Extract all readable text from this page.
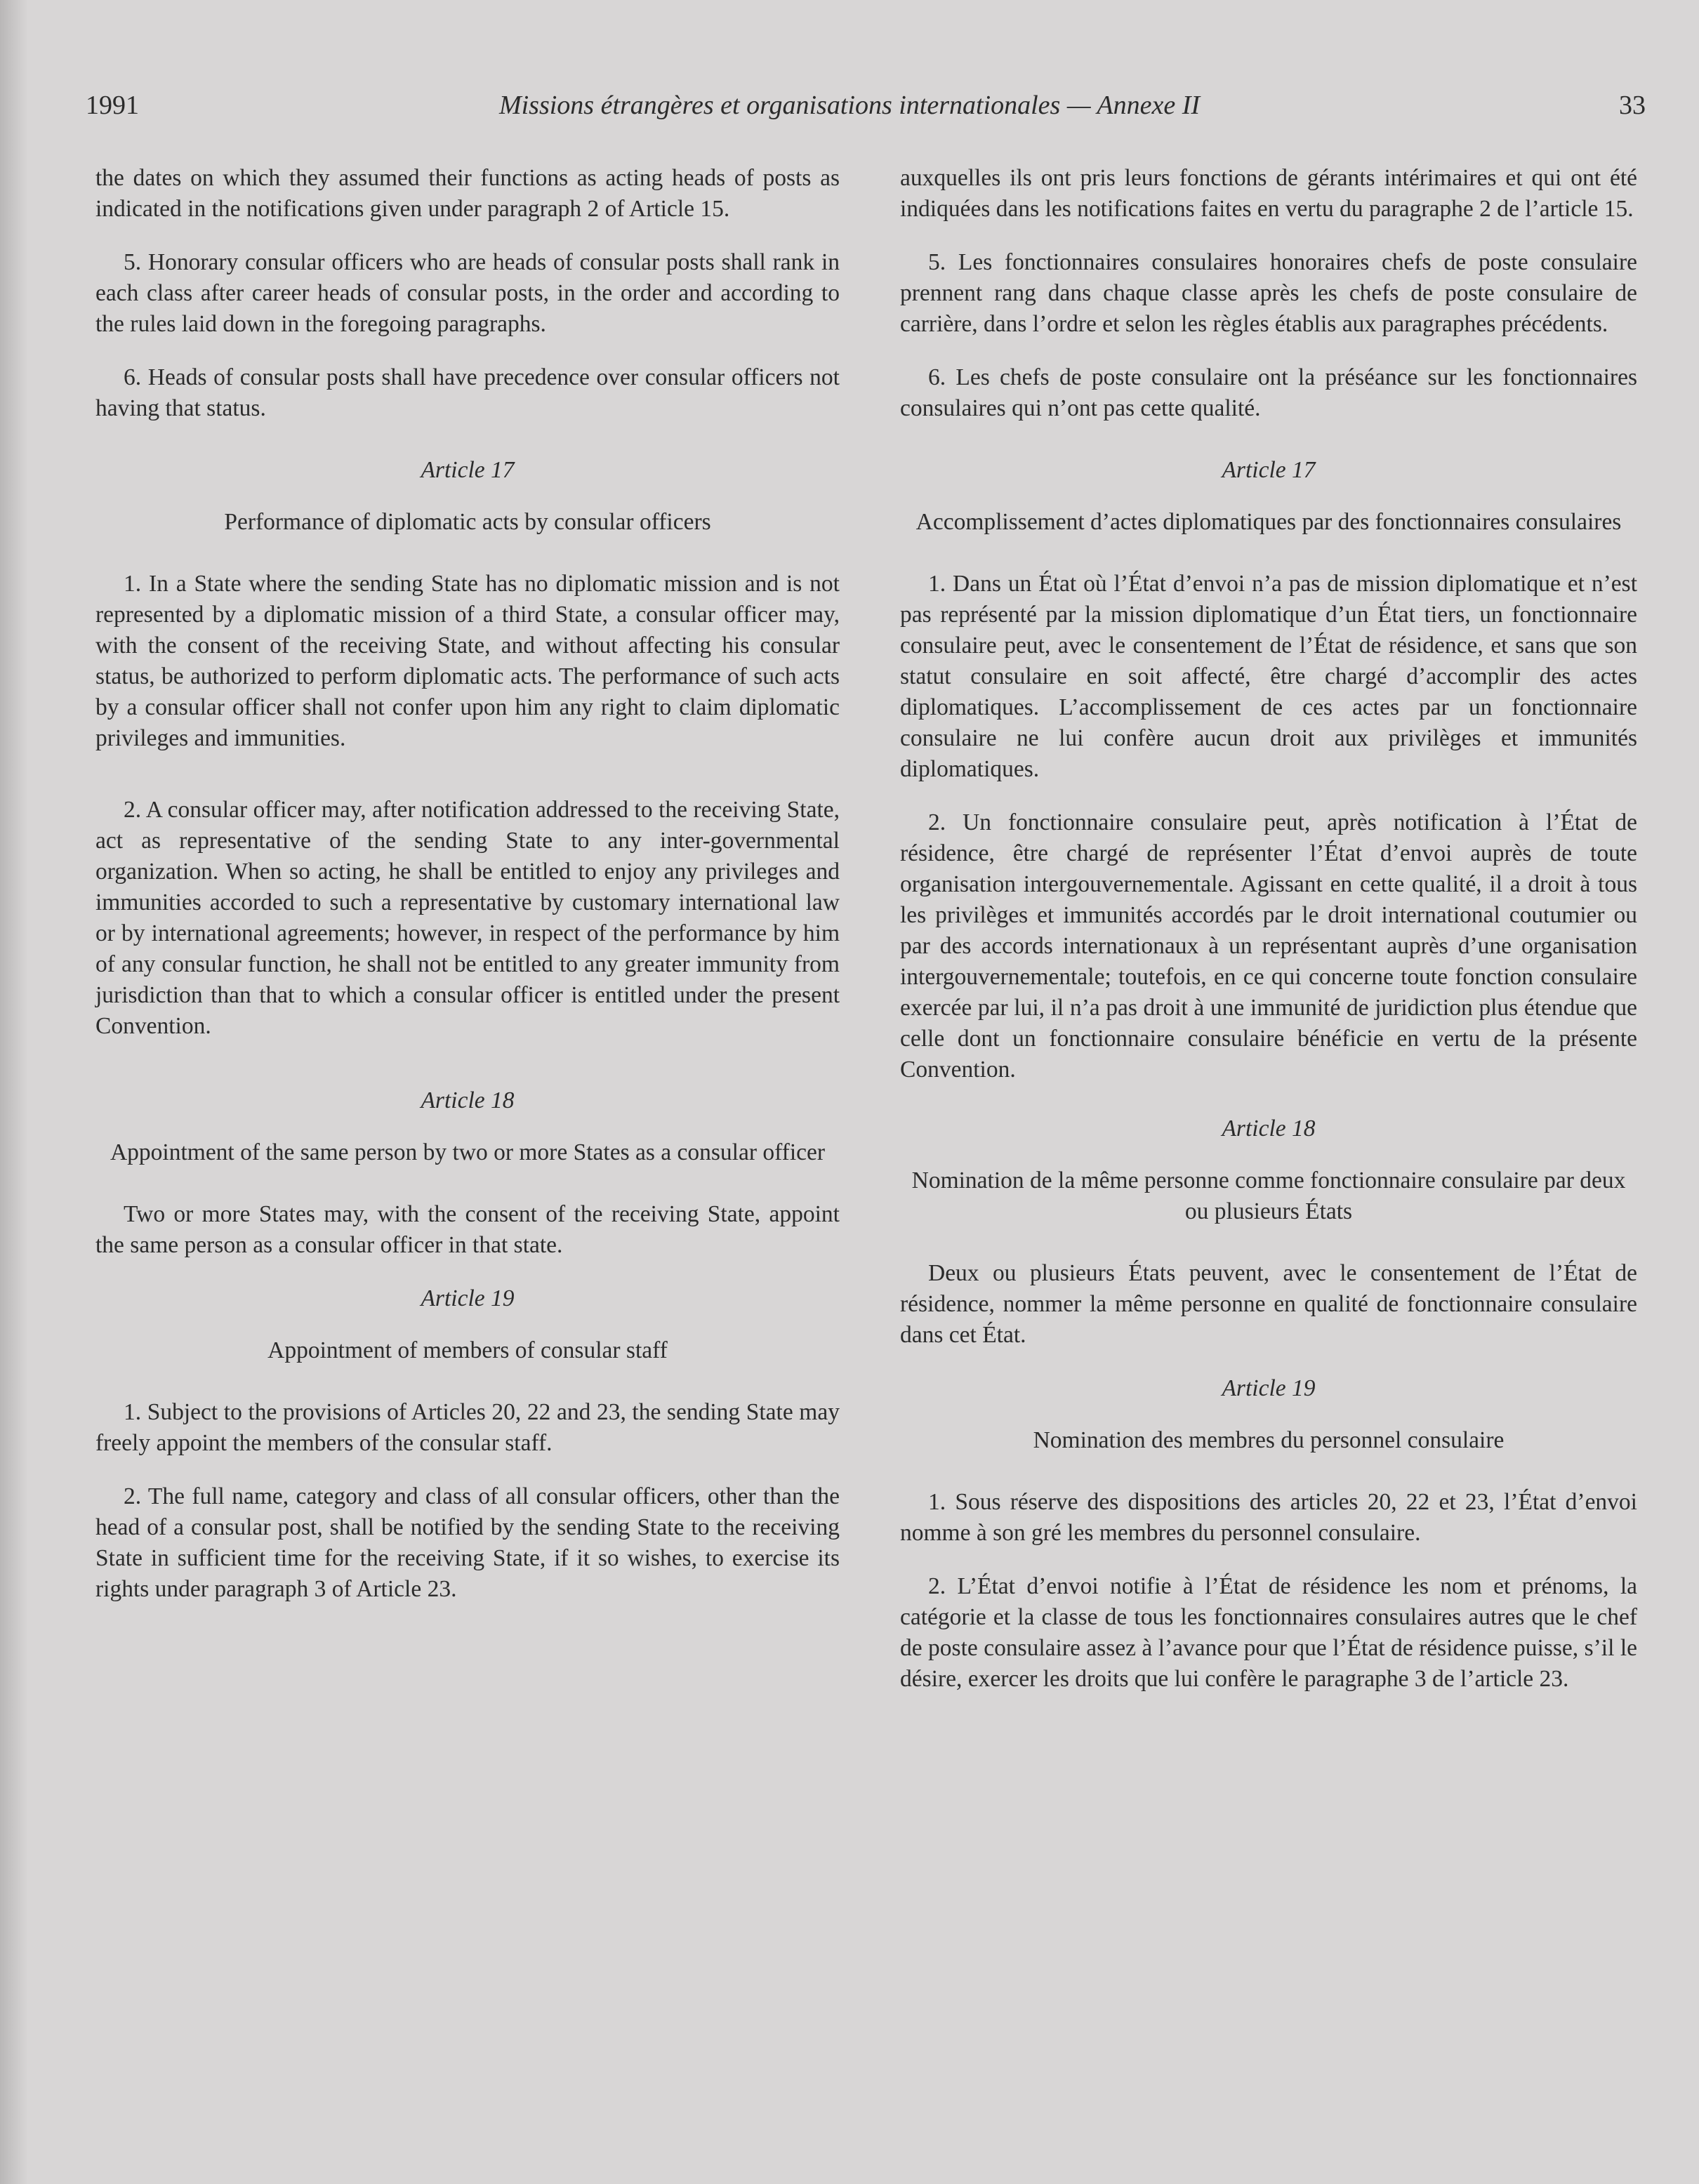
1991	Missions étrangères et organisations internationales — Annexe II	33

the dates on which they assumed their functions as acting heads of posts as indicated in the notifications given under paragraph 2 of Article 15.

5. Honorary consular officers who are heads of consular posts shall rank in each class after career heads of consular posts, in the order and according to the rules laid down in the foregoing paragraphs.

6. Heads of consular posts shall have precedence over consular officers not having that status.

Article 17
Performance of diplomatic acts by consular officers

1. In a State where the sending State has no diplomatic mission and is not represented by a diplomatic mission of a third State, a consular officer may, with the consent of the receiving State, and without affecting his consular status, be authorized to perform diplomatic acts. The performance of such acts by a consular officer shall not confer upon him any right to claim diplomatic privileges and immunities.

2. A consular officer may, after notification addressed to the receiving State, act as representative of the sending State to any inter-governmental organization. When so acting, he shall be entitled to enjoy any privileges and immunities accorded to such a representative by customary international law or by international agreements; however, in respect of the performance by him of any consular function, he shall not be entitled to any greater immunity from jurisdiction than that to which a consular officer is entitled under the present Convention.

Article 18
Appointment of the same person by two or more States as a consular officer

Two or more States may, with the consent of the receiving State, appoint the same person as a consular officer in that state.

Article 19
Appointment of members of consular staff

1. Subject to the provisions of Articles 20, 22 and 23, the sending State may freely appoint the members of the consular staff.

2. The full name, category and class of all consular officers, other than the head of a consular post, shall be notified by the sending State to the receiving State in sufficient time for the receiving State, if it so wishes, to exercise its rights under paragraph 3 of Article 23.

auxquelles ils ont pris leurs fonctions de gérants intérimaires et qui ont été indiquées dans les notifications faites en vertu du paragraphe 2 de l’article 15.

5. Les fonctionnaires consulaires honoraires chefs de poste consulaire prennent rang dans chaque classe après les chefs de poste consulaire de carrière, dans l’ordre et selon les règles établis aux paragraphes précédents.

6. Les chefs de poste consulaire ont la préséance sur les fonctionnaires consulaires qui n’ont pas cette qualité.

Article 17
Accomplissement d’actes diplomatiques par des fonctionnaires consulaires

1. Dans un État où l’État d’envoi n’a pas de mission diplomatique et n’est pas représenté par la mission diplomatique d’un État tiers, un fonctionnaire consulaire peut, avec le consentement de l’État de résidence, et sans que son statut consulaire en soit affecté, être chargé d’accomplir des actes diplomatiques. L’accomplissement de ces actes par un fonctionnaire consulaire ne lui confère aucun droit aux privilèges et immunités diplomatiques.

2. Un fonctionnaire consulaire peut, après notification à l’État de résidence, être chargé de représenter l’État d’envoi auprès de toute organisation intergouvernementale. Agissant en cette qualité, il a droit à tous les privilèges et immunités accordés par le droit international coutumier ou par des accords internationaux à un représentant auprès d’une organisation intergouvernementale; toutefois, en ce qui concerne toute fonction consulaire exercée par lui, il n’a pas droit à une immunité de juridiction plus étendue que celle dont un fonctionnaire consulaire bénéficie en vertu de la présente Convention.

Article 18
Nomination de la même personne comme fonctionnaire consulaire par deux ou plusieurs États

Deux ou plusieurs États peuvent, avec le consentement de l’État de résidence, nommer la même personne en qualité de fonctionnaire consulaire dans cet État.

Article 19
Nomination des membres du personnel consulaire

1. Sous réserve des dispositions des articles 20, 22 et 23, l’État d’envoi nomme à son gré les membres du personnel consulaire.

2. L’État d’envoi notifie à l’État de résidence les nom et prénoms, la catégorie et la classe de tous les fonctionnaires consulaires autres que le chef de poste consulaire assez à l’avance pour que l’État de résidence puisse, s’il le désire, exercer les droits que lui confère le paragraphe 3 de l’article 23.
